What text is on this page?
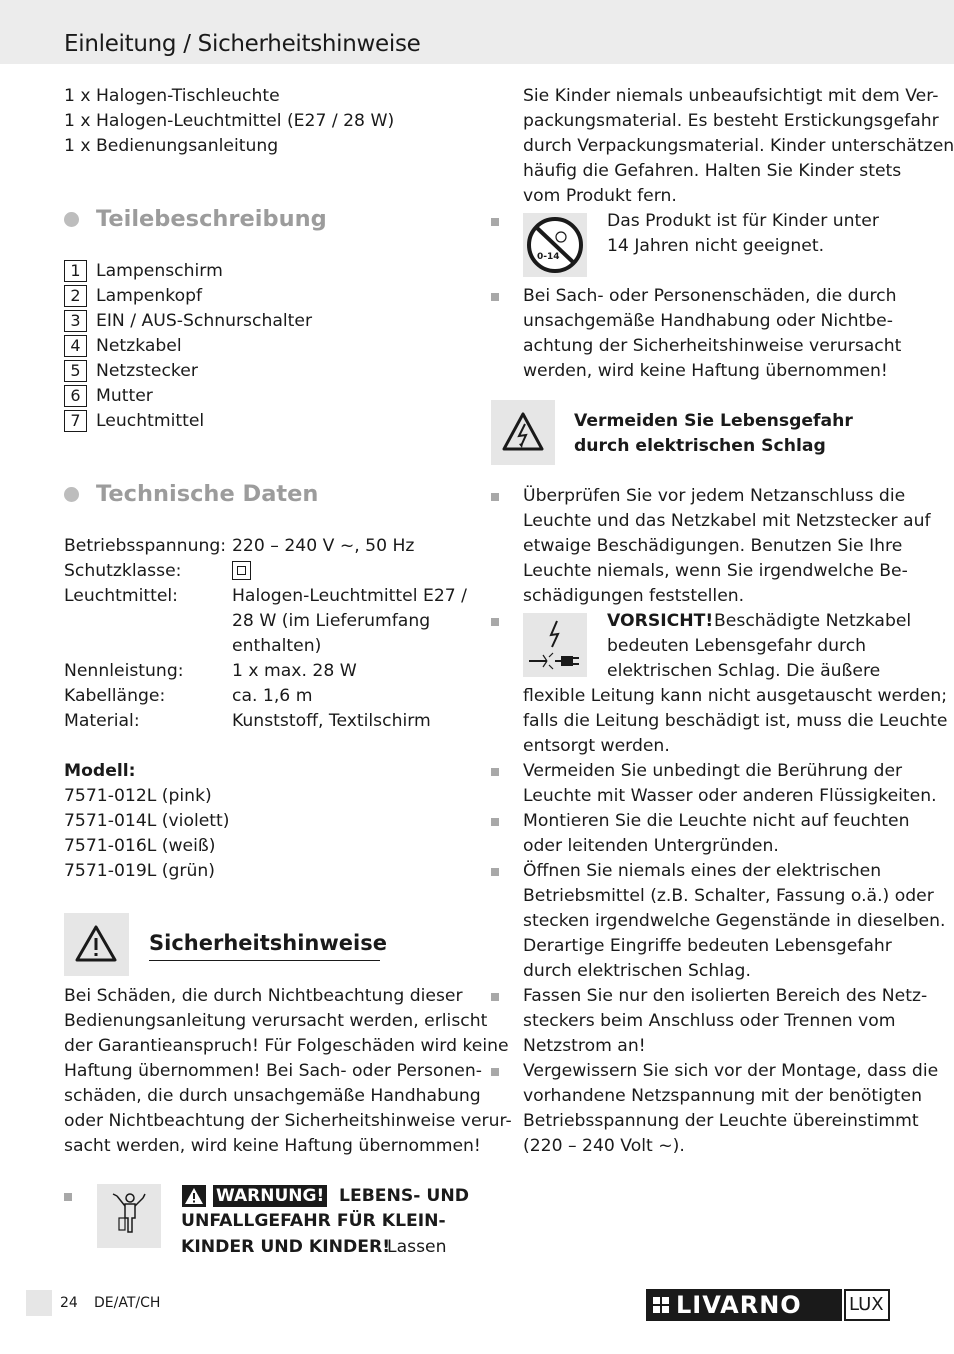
Einleitung / Sicherheitshinweise
1 x Halogen-Tischleuchte
1 x Halogen-Leuchtmittel (E27 / 28 W)
1 x Bedienungsanleitung
Teilebeschreibung
1 Lampenschirm
2 Lampenkopf
3 EIN / AUS-Schnurschalter
4 Netzkabel
5 Netzstecker
6 Mutter
7 Leuchtmittel
Technische Daten
Betriebsspannung: 220 – 240 V ~, 50 Hz
Schutzklasse:
Leuchtmittel:	Halogen-Leuchtmittel E27 /
28 W (im Lieferumfang
enthalten)
Nennleistung:	1 x max. 28 W
Kabellänge:	ca. 1,6 m
Material:	Kunststoff, Textilschirm
Modell:
7571-012L (pink)
7571-014L (violett)
7571-016L (weiß)
7571-019L (grün)
Sicherheitshinweise
Bei Schäden, die durch Nichtbeachtung dieser
Bedienungsanleitung verursacht werden, erlischt
der Garantieanspruch! Für Folgeschäden wird keine
Haftung übernommen! Bei Sach- oder Personen-
schäden, die durch unsachgemäße Handhabung
oder Nichtbeachtung der Sicherheitshinweise verur-
sacht werden, wird keine Haftung übernommen!
WARNUNG! LEBENS- UND
UNFALLGEFAHR FÜR KLEIN-
KINDER UND KINDER!
Lassen
Sie Kinder niemals unbeaufsichtigt mit dem Ver-
packungsmaterial. Es besteht Erstickungsgefahr
durch Verpackungsmaterial. Kinder unterschätzen
häufig die Gefahren. Halten Sie Kinder stets
vom Produkt fern.
0-14
Das Produkt ist für Kinder unter
14 Jahren nicht geeignet.
Bei Sach- oder Personenschäden, die durch
unsachgemäße Handhabung oder Nichtbe-
achtung der Sicherheitshinweise verursacht
werden, wird keine Haftung übernommen!
Vermeiden Sie Lebensgefahr
durch elektrischen Schlag
Überprüfen Sie vor jedem Netzanschluss die
Leuchte und das Netzkabel mit Netzstecker auf
etwaige Beschädigungen. Benutzen Sie Ihre
Leuchte niemals, wenn Sie irgendwelche Be-
schädigungen feststellen.
VORSICHT! Beschädigte Netzkabel
bedeuten Lebensgefahr durch
elektrischen Schlag. Die äußere
flexible Leitung kann nicht ausgetauscht werden;
falls die Leitung beschädigt ist, muss die Leuchte
entsorgt werden.
Vermeiden Sie unbedingt die Berührung der
Leuchte mit Wasser oder anderen Flüssigkeiten.
Montieren Sie die Leuchte nicht auf feuchten
oder leitenden Untergründen.
Öffnen Sie niemals eines der elektrischen
Betriebsmittel (z.B. Schalter, Fassung o.ä.) oder
stecken irgendwelche Gegenstände in dieselben.
Derartige Eingriffe bedeuten Lebensgefahr
durch elektrischen Schlag.
Fassen Sie nur den isolierten Bereich des Netz-
steckers beim Anschluss oder Trennen vom
Netzstrom an!
Vergewissern Sie sich vor der Montage, dass die
vorhandene Netzspannung mit der benötigten
Betriebsspannung der Leuchte übereinstimmt
(220 – 240 Volt ~).
24 DE/AT/CH	LIVARNO	LUX
